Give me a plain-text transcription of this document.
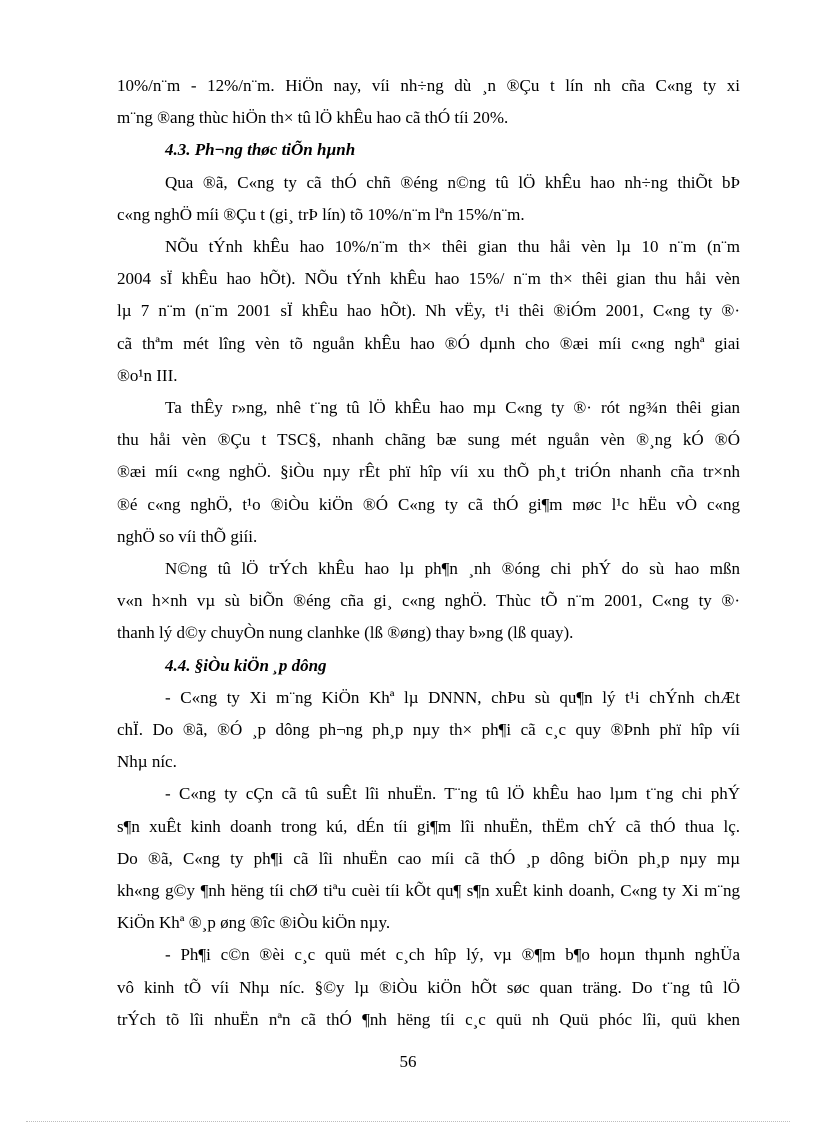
10%/n¨m - 12%/n¨m. HiÖn nay, víi nh÷ng dù ¸n ®Çu t lín nh cña C«ng ty xi
m¨ng ®ang thùc hiÖn th× tû lÖ khÊu hao cã thÓ tíi 20%.

4.3. Ph¬ng thøc tiÕn hµnh

Qua ®ã, C«ng ty cã thÓ chñ ®éng n©ng tû lÖ khÊu hao nh÷ng thiÕt bÞ
c«ng nghÖ míi ®Çu t (gi¸ trÞ lín) tõ 10%/n¨m lªn 15%/n¨m.

NÕu tÝnh khÊu hao 10%/n¨m th× thêi gian thu håi vèn lµ 10 n¨m (n¨m
2004 sÏ khÊu hao hÕt). NÕu tÝnh khÊu hao 15%/ n¨m th× thêi gian thu håi vèn
lµ 7 n¨m (n¨m 2001 sÏ khÊu hao hÕt). Nh vËy, t¹i thêi ®iÓm 2001, C«ng ty ®·
cã thªm mét lîng vèn tõ nguån khÊu hao ®Ó dµnh cho ®æi míi c«ng nghª giai
®o¹n III.

Ta thÊy r»ng, nhê t¨ng tû lÖ khÊu hao mµ C«ng ty ®· rót ng¾n thêi gian
thu håi vèn ®Çu t TSC§, nhanh chãng bæ sung mét nguån vèn ®¸ng kÓ ®Ó
®æi míi c«ng nghÖ. §iÒu nµy rÊt phï hîp víi xu thÕ ph¸t triÓn nhanh cña tr×nh
®é c«ng nghÖ, t¹o ®iÒu kiÖn ®Ó C«ng ty cã thÓ gi¶m møc l¹c hËu vÒ c«ng
nghÖ so víi thÕ giíi.

N©ng tû lÖ trÝch khÊu hao lµ ph¶n ¸nh ®óng chi phÝ do sù hao mßn
v«n h×nh vµ sù biÕn ®éng cña gi¸ c«ng nghÖ. Thùc tÕ n¨m 2001, C«ng ty ®·
thanh lý d©y chuyÒn nung clanhke (lß ®øng) thay b»ng (lß quay).

4.4. §iÒu kiÖn ¸p dông

- C«ng ty Xi m¨ng KiÖn Khª lµ DNNN, chÞu sù qu¶n lý t¹i chÝnh chÆt
chÏ. Do ®ã, ®Ó ¸p dông ph¬ng ph¸p nµy th× ph¶i cã c¸c quy ®Þnh phï hîp víi
Nhµ níc.

- C«ng ty cÇn cã tû suÊt lîi nhuËn. T¨ng tû lÖ khÊu hao lµm t¨ng chi phÝ
s¶n xuÊt kinh doanh trong kú, dÉn tíi gi¶m lîi nhuËn, thËm chÝ cã thÓ thua lç.
Do ®ã, C«ng ty ph¶i cã lîi nhuËn cao míi cã thÓ ¸p dông biÖn ph¸p nµy mµ
kh«ng g©y ¶nh hëng tíi chØ tiªu cuèi tíi kÕt qu¶ s¶n xuÊt kinh doanh, C«ng ty Xi m¨ng
KiÖn Khª ®¸p øng ®îc ®iÒu kiÖn nµy.

- Ph¶i c©n ®èi c¸c quü mét c¸ch hîp lý, vµ ®¶m b¶o hoµn thµnh nghÜa
vô kinh tÕ víi Nhµ níc. §©y lµ ®iÒu kiÖn hÕt søc quan träng. Do t¨ng tû lÖ
trÝch tõ lîi nhuËn nªn cã thÓ ¶nh hëng tíi c¸c quü nh Quü phóc lîi, quü khen

56
